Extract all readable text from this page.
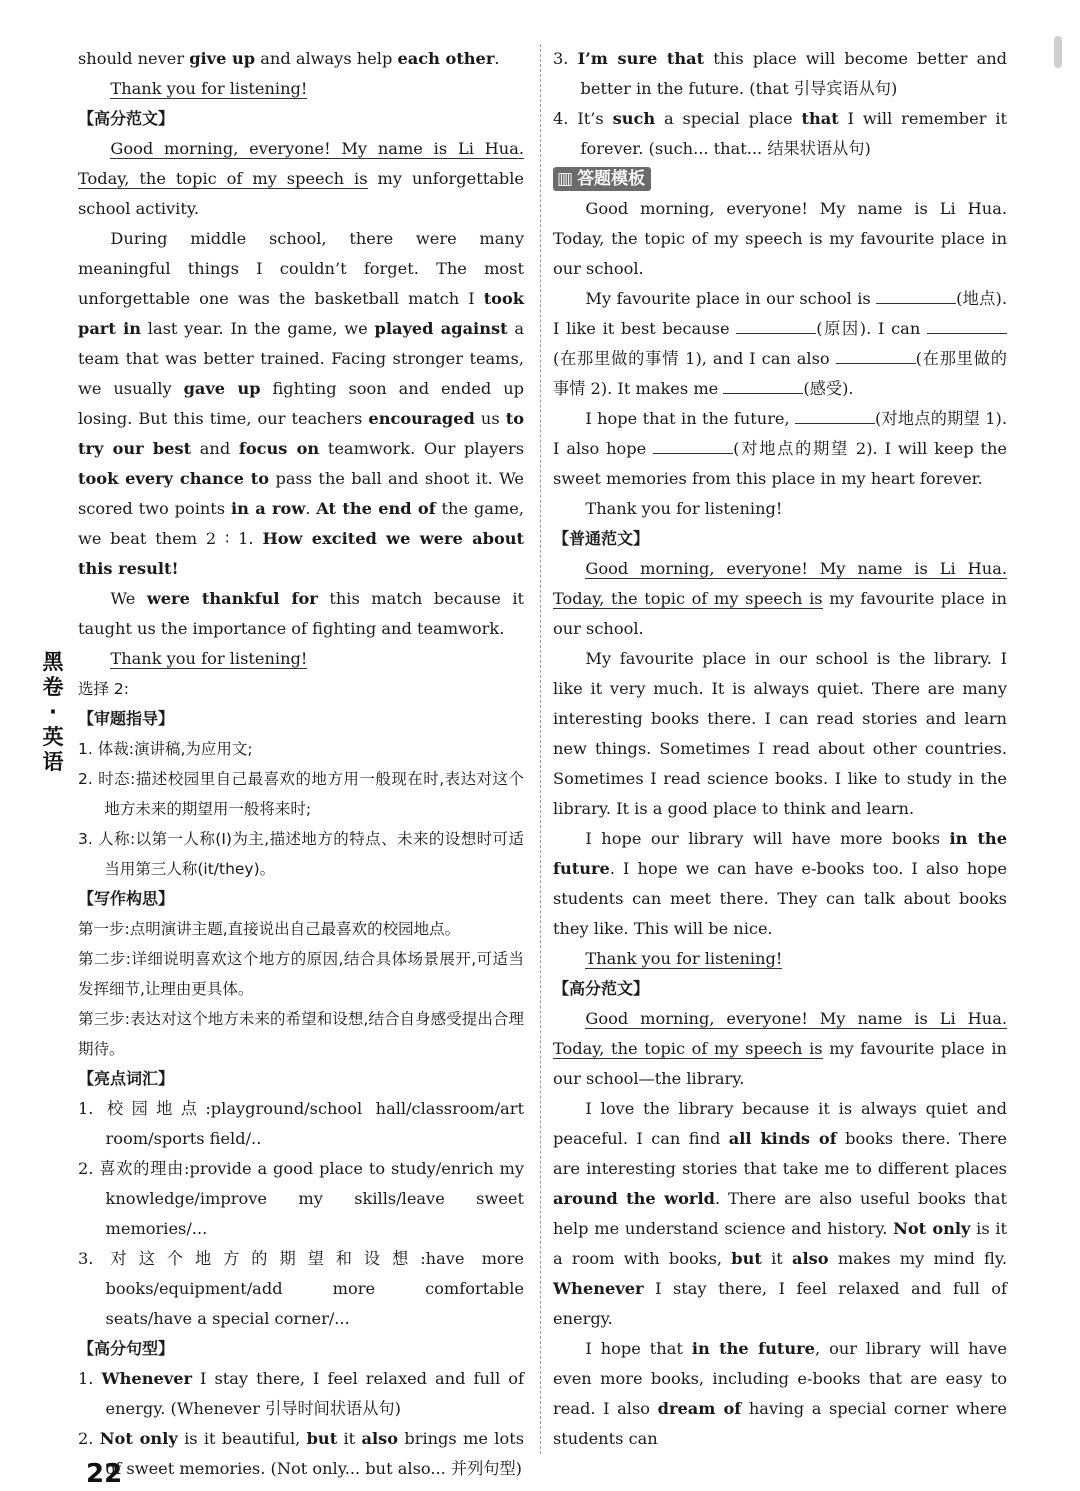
黑卷·英语
22

should never give up and always help each other.

Thank you for listening!

【高分范文】

Good morning, everyone! My name is Li Hua. Today, the topic of my speech is my unforgettable school activity.

During middle school, there were many meaningful things I couldn’t forget. The most unforgettable one was the basketball match I took part in last year. In the game, we played against a team that was better trained. Facing stronger teams, we usually gave up fighting soon and ended up losing. But this time, our teachers encouraged us to try our best and focus on teamwork. Our players took every chance to pass the ball and shoot it. We scored two points in a row. At the end of the game, we beat them 2 ∶ 1. How excited we were about this result!

We were thankful for this match because it taught us the importance of fighting and teamwork.

Thank you for listening!

选择 2:

【审题指导】

1. 体裁:演讲稿,为应用文;

2. 时态:描述校园里自己最喜欢的地方用一般现在时,表达对这个地方未来的期望用一般将来时;

3. 人称:以第一人称(I)为主,描述地方的特点、未来的设想时可适当用第三人称(it/they)。

【写作构思】

第一步:点明演讲主题,直接说出自己最喜欢的校园地点。

第二步:详细说明喜欢这个地方的原因,结合具体场景展开,可适当发挥细节,让理由更具体。

第三步:表达对这个地方未来的希望和设想,结合自身感受提出合理期待。

【亮点词汇】

1. 校园地点:playground/school hall/classroom/art room/sports field/..

2. 喜欢的理由:provide a good place to study/enrich my knowledge/improve my skills/leave sweet memories/...

3. 对这个地方的期望和设想:have more books/equipment/add more comfortable seats/have a special corner/...

【高分句型】

1. Whenever I stay there, I feel relaxed and full of energy. (Whenever 引导时间状语从句)

2. Not only is it beautiful, but it also brings me lots of sweet memories. (Not only... but also... 并列句型)

3. I’m sure that this place will become better and better in the future. (that 引导宾语从句)

4. It’s such a special place that I will remember it forever. (such... that... 结果状语从句)

▥ 答题模板

Good morning, everyone! My name is Li Hua. Today, the topic of my speech is my favourite place in our school.

My favourite place in our school is	(地点). I like it best because	(原因). I can (在那里做的事情 1), and I can also	(在那里做的事情 2). It makes me	(感受).

I hope that in the future,	(对地点的期望 1). I also hope	(对地点的期望 2). I will keep the sweet memories from this place in my heart forever.

Thank you for listening!

【普通范文】

Good morning, everyone! My name is Li Hua. Today, the topic of my speech is my favourite place in our school.

My favourite place in our school is the library. I like it very much. It is always quiet. There are many interesting books there. I can read stories and learn new things. Sometimes I read about other countries. Sometimes I read science books. I like to study in the library. It is a good place to think and learn.

I hope our library will have more books in the future. I hope we can have e-books too. I also hope students can meet there. They can talk about books they like. This will be nice.

Thank you for listening!

【高分范文】

Good morning, everyone! My name is Li Hua. Today, the topic of my speech is my favourite place in our school—the library.

I love the library because it is always quiet and peaceful. I can find all kinds of books there. There are interesting stories that take me to different places around the world. There are also useful books that help me understand science and history. Not only is it a room with books, but it also makes my mind fly. Whenever I stay there, I feel relaxed and full of energy.

I hope that in the future, our library will have even more books, including e-books that are easy to read. I also dream of having a special corner where students can
